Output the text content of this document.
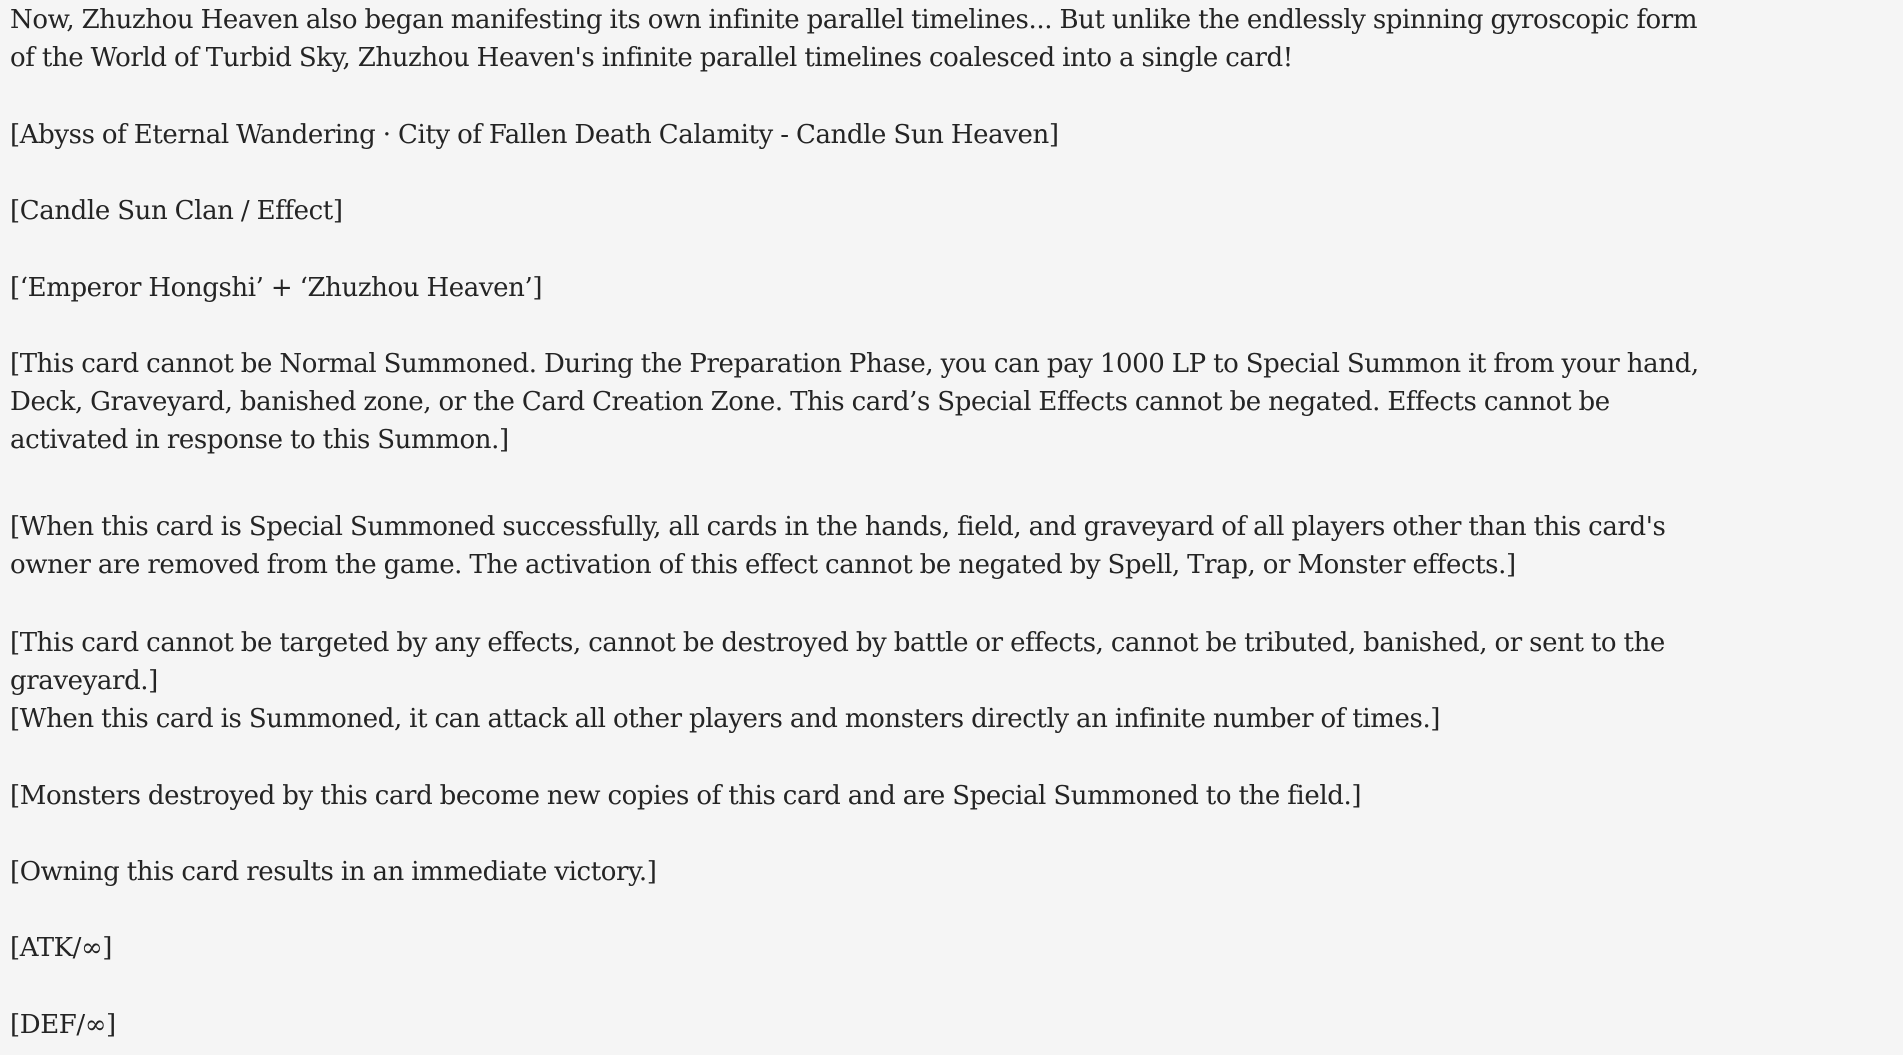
Now, Zhuzhou Heaven also began manifesting its own infinite parallel timelines... But unlike the endlessly spinning gyroscopic form of the World of Turbid Sky, Zhuzhou Heaven's infinite parallel timelines coalesced into a single card!

[Abyss of Eternal Wandering · City of Fallen Death Calamity - Candle Sun Heaven]

[Candle Sun Clan / Effect]

[‘Emperor Hongshi’ + ‘Zhuzhou Heaven’]

[This card cannot be Normal Summoned. During the Preparation Phase, you can pay 1000 LP to Special Summon it from your hand, Deck, Graveyard, banished zone, or the Card Creation Zone. This card’s Special Effects cannot be negated. Effects cannot be activated in response to this Summon.]

[When this card is Special Summoned successfully, all cards in the hands, field, and graveyard of all players other than this card's owner are removed from the game. The activation of this effect cannot be negated by Spell, Trap, or Monster effects.]

[This card cannot be targeted by any effects, cannot be destroyed by battle or effects, cannot be tributed, banished, or sent to the graveyard.]

[When this card is Summoned, it can attack all other players and monsters directly an infinite number of times.]

[Monsters destroyed by this card become new copies of this card and are Special Summoned to the field.]

[Owning this card results in an immediate victory.]

[ATK/∞]

[DEF/∞]
